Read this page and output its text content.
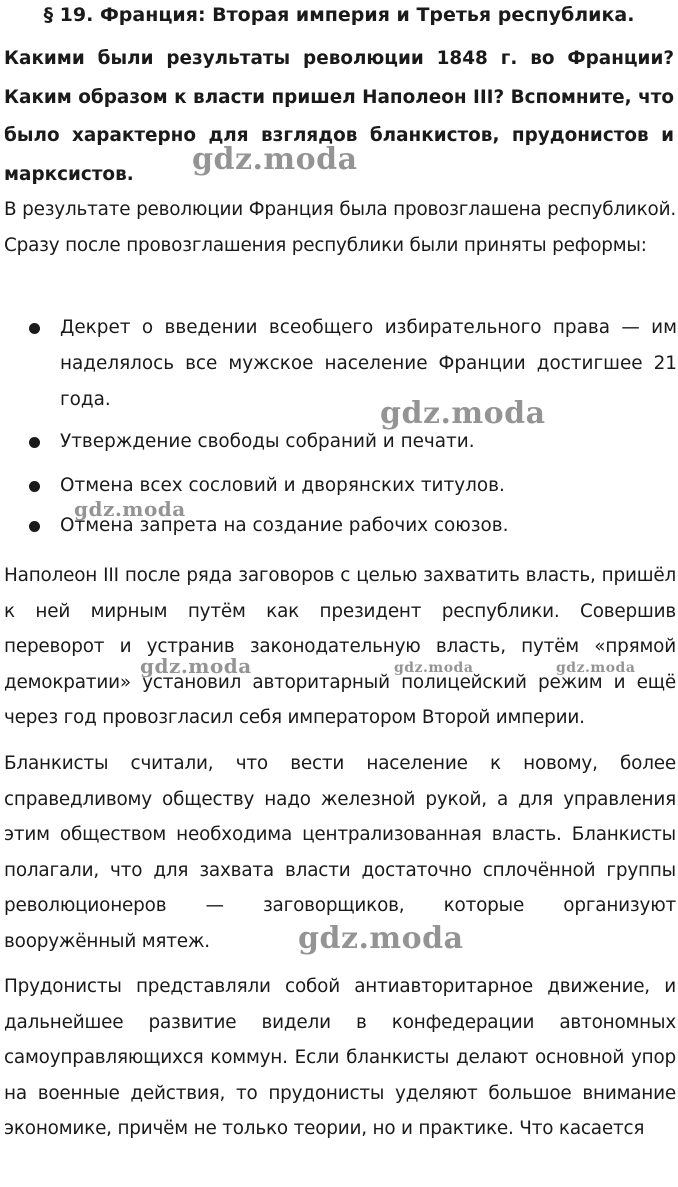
§ 19. Франция: Вторая империя и Третья республика.

Какими были результаты революции 1848 г. во Франции? Каким образом к власти пришел Наполеон III? Вспомните, что было характерно для взглядов бланкистов, прудонистов и марксистов.

В результате революции Франция была провозглашена республикой. Сразу после провозглашения республики были приняты реформы:

Декрет о введении всеобщего избирательного права — им наделялось все мужское население Франции достигшее 21 года.
Утверждение свободы собраний и печати.
Отмена всех сословий и дворянских титулов.
Отмена запрета на создание рабочих союзов.

Наполеон III после ряда заговоров с целью захватить власть, пришёл к ней мирным путём как президент республики. Совершив переворот и устранив законодательную власть, путём «прямой демократии» установил авторитарный полицейский режим и ещё через год провозгласил себя императором Второй империи.

Бланкисты считали, что вести население к новому, более справедливому обществу надо железной рукой, а для управления этим обществом необходима централизованная власть. Бланкисты полагали, что для захвата власти достаточно сплочённой группы революционеров — заговорщиков, которые организуют вооружённый мятеж.

Прудонисты представляли собой антиавторитарное движение, и дальнейшее развитие видели в конфедерации автономных самоуправляющихся коммун. Если бланкисты делают основной упор на военные действия, то прудонисты уделяют большое внимание экономике, причём не только теории, но и практике. Что касается

gdz.moda
gdz.moda
gdz.moda
gdz.moda	gdz.moda	gdz.moda
gdz.moda
